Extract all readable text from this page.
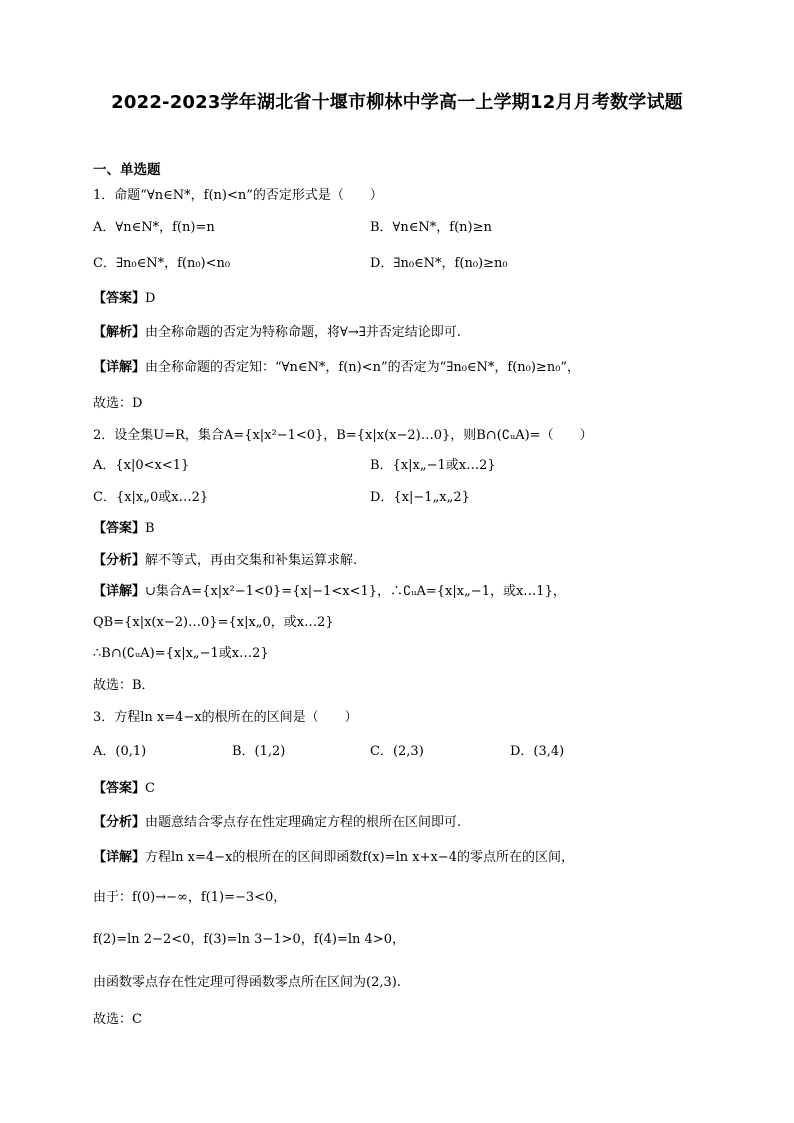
2022-2023学年湖北省十堰市柳林中学高一上学期12月月考数学试题
一、单选题
1．命题“∀n∈N*，f(n)<n”的否定形式是（　　）
A．∀n∈N*，f(n)=n	B．∀n∈N*，f(n)≥n
C．∃n₀∈N*，f(n₀)<n₀	D．∃n₀∈N*，f(n₀)≥n₀
【答案】D
【解析】由全称命题的否定为特称命题，将∀→∃并否定结论即可.
【详解】由全称命题的否定知：“∀n∈N*，f(n)<n”的否定为“∃n₀∈N*，f(n₀)≥n₀”，
故选：D
2．设全集U=R，集合A={x|x²−1<0}，B={x|x(x−2)…0}，则B∩(∁ᵤA)=（　　）
A．{x|0<x<1}	B．{x|x„−1或x…2}
C．{x|x„0或x…2}	D．{x|−1„x„2}
【答案】B
【分析】解不等式，再由交集和补集运算求解.
【详解】∪集合A={x|x²−1<0}={x|−1<x<1}，∴∁ᵤA={x|x„−1，或x…1}，
QB={x|x(x−2)…0}={x|x„0，或x…2}
∴B∩(∁ᵤA)={x|x„−1或x…2}
故选：B．
3．方程ln x=4−x的根所在的区间是（　　）
A．(0,1)	B．(1,2)	C．(2,3)	D．(3,4)
【答案】C
【分析】由题意结合零点存在性定理确定方程的根所在区间即可.
【详解】方程ln x=4−x的根所在的区间即函数f(x)=ln x+x−4的零点所在的区间，
由于：f(0)→−∞，f(1)=−3<0，
f(2)=ln 2−2<0，f(3)=ln 3−1>0，f(4)=ln 4>0，
由函数零点存在性定理可得函数零点所在区间为(2,3).
故选：C
